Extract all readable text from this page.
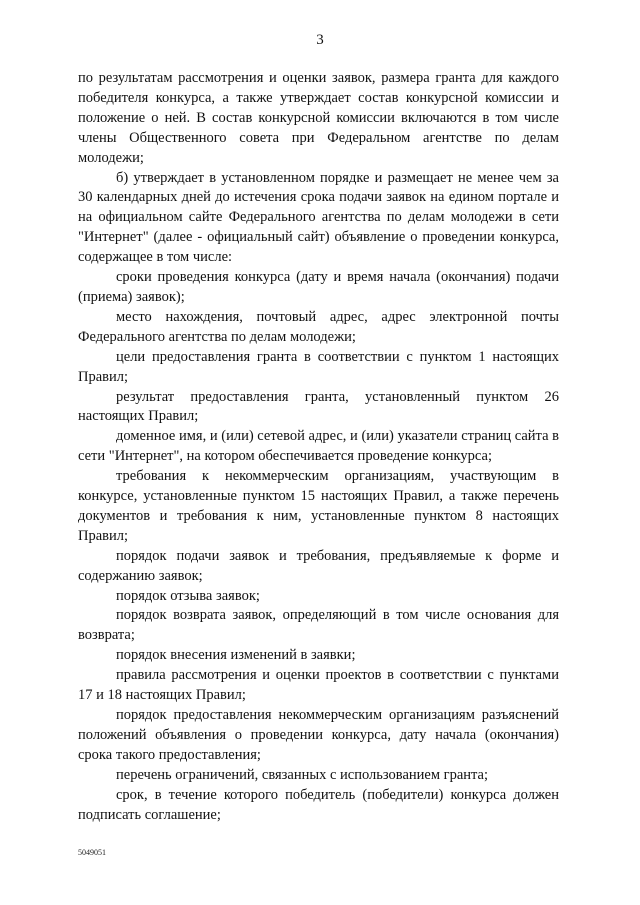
3

по результатам рассмотрения и оценки заявок, размера гранта для каждого победителя конкурса, а также утверждает состав конкурсной комиссии и положение о ней. В состав конкурсной комиссии включаются в том числе члены Общественного совета при Федеральном агентстве по делам молодежи;

б) утверждает в установленном порядке и размещает не менее чем за 30 календарных дней до истечения срока подачи заявок на едином портале и на официальном сайте Федерального агентства по делам молодежи в сети "Интернет" (далее - официальный сайт) объявление о проведении конкурса, содержащее в том числе:

сроки проведения конкурса (дату и время начала (окончания) подачи (приема) заявок);

место нахождения, почтовый адрес, адрес электронной почты Федерального агентства по делам молодежи;

цели предоставления гранта в соответствии с пунктом 1 настоящих Правил;

результат предоставления гранта, установленный пунктом 26 настоящих Правил;

доменное имя, и (или) сетевой адрес, и (или) указатели страниц сайта в сети "Интернет", на котором обеспечивается проведение конкурса;

требования к некоммерческим организациям, участвующим в конкурсе, установленные пунктом 15 настоящих Правил, а также перечень документов и требования к ним, установленные пунктом 8 настоящих Правил;

порядок подачи заявок и требования, предъявляемые к форме и содержанию заявок;

порядок отзыва заявок;

порядок возврата заявок, определяющий в том числе основания для возврата;

порядок внесения изменений в заявки;

правила рассмотрения и оценки проектов в соответствии с пунктами 17 и 18 настоящих Правил;

порядок предоставления некоммерческим организациям разъяснений положений объявления о проведении конкурса, дату начала (окончания) срока такого предоставления;

перечень ограничений, связанных с использованием гранта;

срок, в течение которого победитель (победители) конкурса должен подписать соглашение;

5049051
